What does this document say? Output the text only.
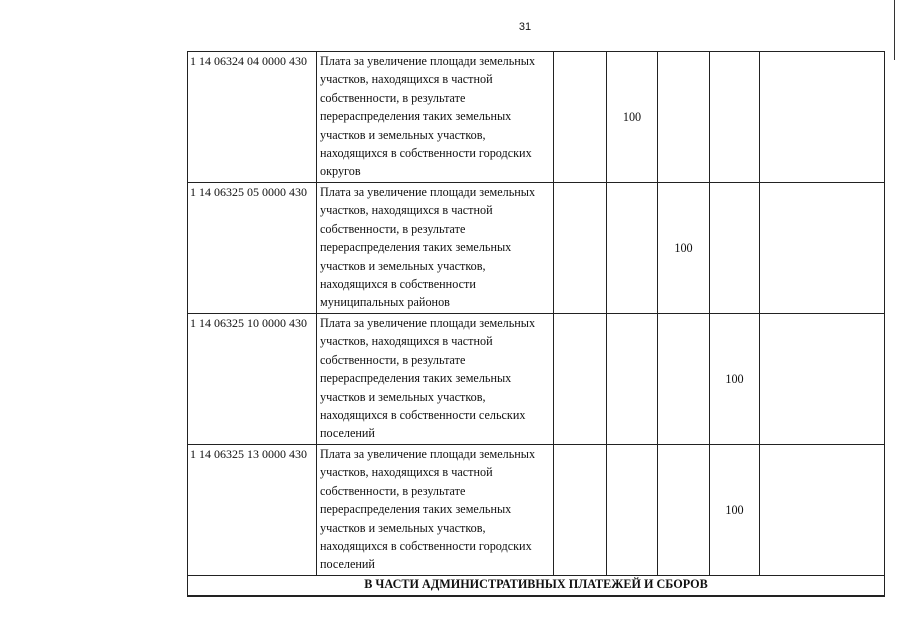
31
1 14 06324 04 0000 430	Плата за увеличение площади земельных участков, находящихся в частной собственности, в результате перераспределения таких земельных участков и земельных участков, находящихся в собственности городских округов		100			
1 14 06325 05 0000 430	Плата за увеличение площади земельных участков, находящихся в частной собственности, в результате перераспределения таких земельных участков и земельных участков, находящихся в собственности муниципальных районов			100		
1 14 06325 10 0000 430	Плата за увеличение площади земельных участков, находящихся в частной собственности, в результате перераспределения таких земельных участков и земельных участков, находящихся в собственности сельских поселений				100	
1 14 06325 13 0000 430	Плата за увеличение площади земельных участков, находящихся в частной собственности, в результате перераспределения таких земельных участков и земельных участков, находящихся в собственности городских поселений				100	
В ЧАСТИ АДМИНИСТРАТИВНЫХ ПЛАТЕЖЕЙ И СБОРОВ						
